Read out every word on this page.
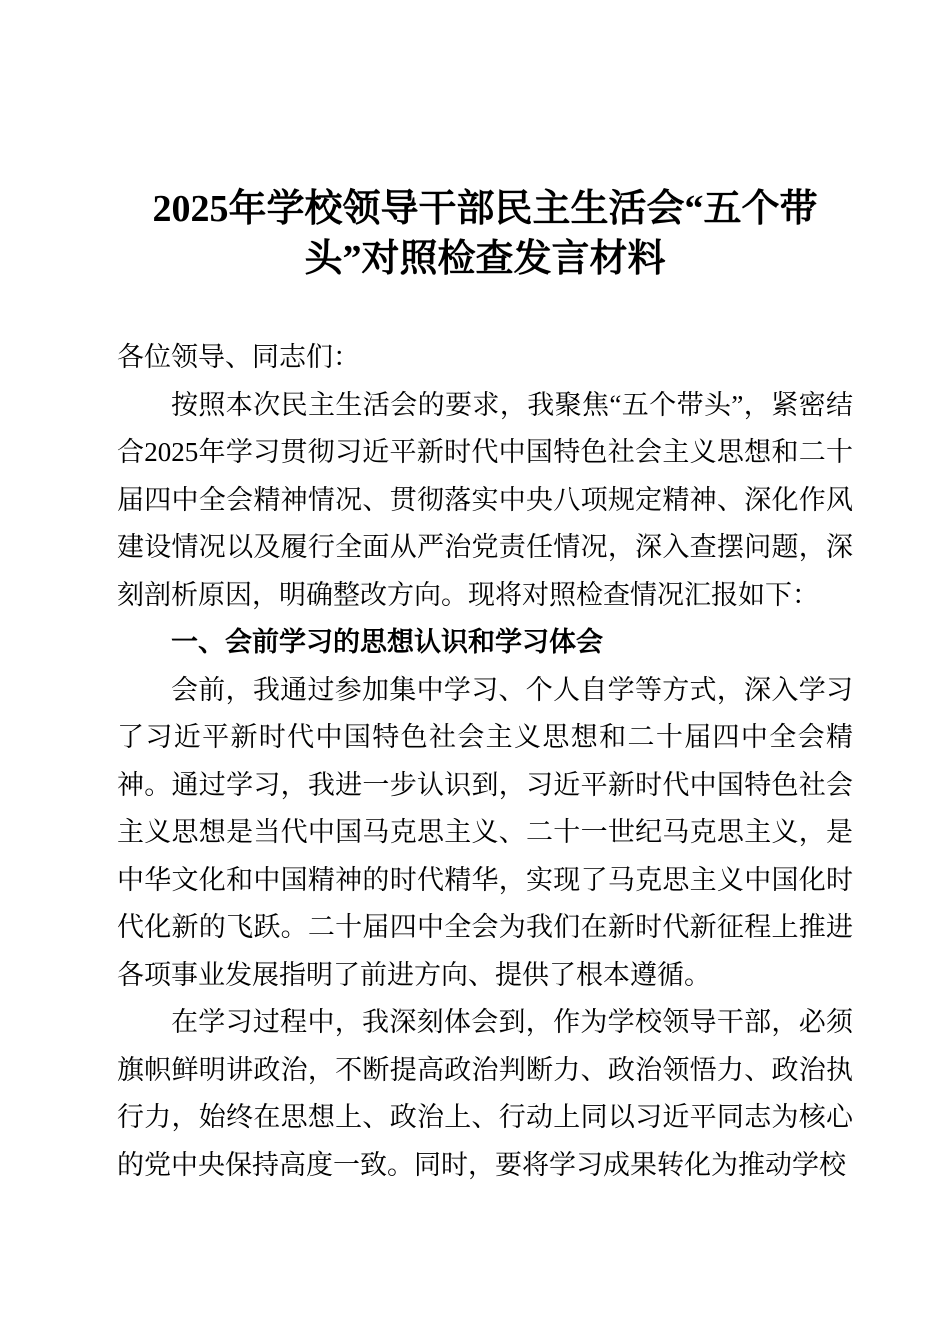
2025年学校领导干部民主生活会“五个带头”对照检查发言材料

各位领导、同志们：

按照本次民主生活会的要求，我聚焦“五个带头”，紧密结合2025年学习贯彻习近平新时代中国特色社会主义思想和二十届四中全会精神情况、贯彻落实中央八项规定精神、深化作风建设情况以及履行全面从严治党责任情况，深入查摆问题，深刻剖析原因，明确整改方向。现将对照检查情况汇报如下：

一、会前学习的思想认识和学习体会

会前，我通过参加集中学习、个人自学等方式，深入学习了习近平新时代中国特色社会主义思想和二十届四中全会精神。通过学习，我进一步认识到，习近平新时代中国特色社会主义思想是当代中国马克思主义、二十一世纪马克思主义，是中华文化和中国精神的时代精华，实现了马克思主义中国化时代化新的飞跃。二十届四中全会为我们在新时代新征程上推进各项事业发展指明了前进方向、提供了根本遵循。

在学习过程中，我深刻体会到，作为学校领导干部，必须旗帜鲜明讲政治，不断提高政治判断力、政治领悟力、政治执行力，始终在思想上、政治上、行动上同以习近平同志为核心的党中央保持高度一致。同时，要将学习成果转化为推动学校
